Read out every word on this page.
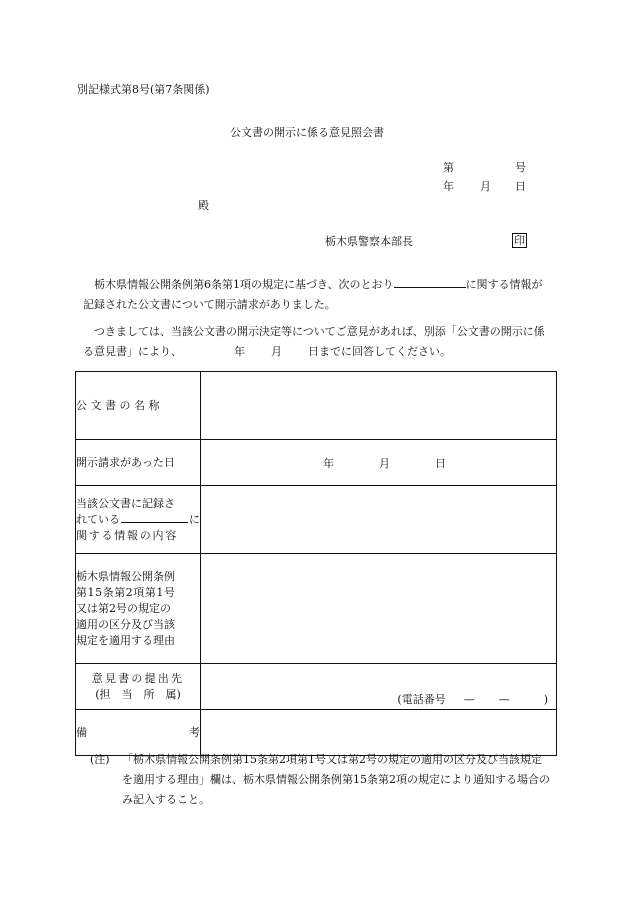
別記様式第8号(第7条関係)
公文書の開示に係る意見照会書
第	号
年 月 日
殿
栃木県警察本部長	印
栃木県情報公開条例第6条第1項の規定に基づき、次のとおり	に関する情報が記録された公文書について開示請求がありました。
つきましては、当該公文書の開示決定等についてご意見があれば、別添「公文書の開示に係る意見書」により、	年 月 日までに回答してください。
公 文 書 の 名 称	
開示請求があった日	年 月 日

当該公文書に記録さ
れている に
関する情報の内容	

栃木県情報公開条例
第15条第2項第1号
又は第2号の規定の
適用の区分及び当該
規定を適用する理由	

意見書の提出先
(担　当　所　属)	(電話番号 — — )

備 考	

(注)	「栃木県情報公開条例第15条第2項第1号又は第2号の規定の適用の区分及び当該規定を適用する理由」欄は、栃木県情報公開条例第15条第2項の規定により通知する場合のみ記入すること。
